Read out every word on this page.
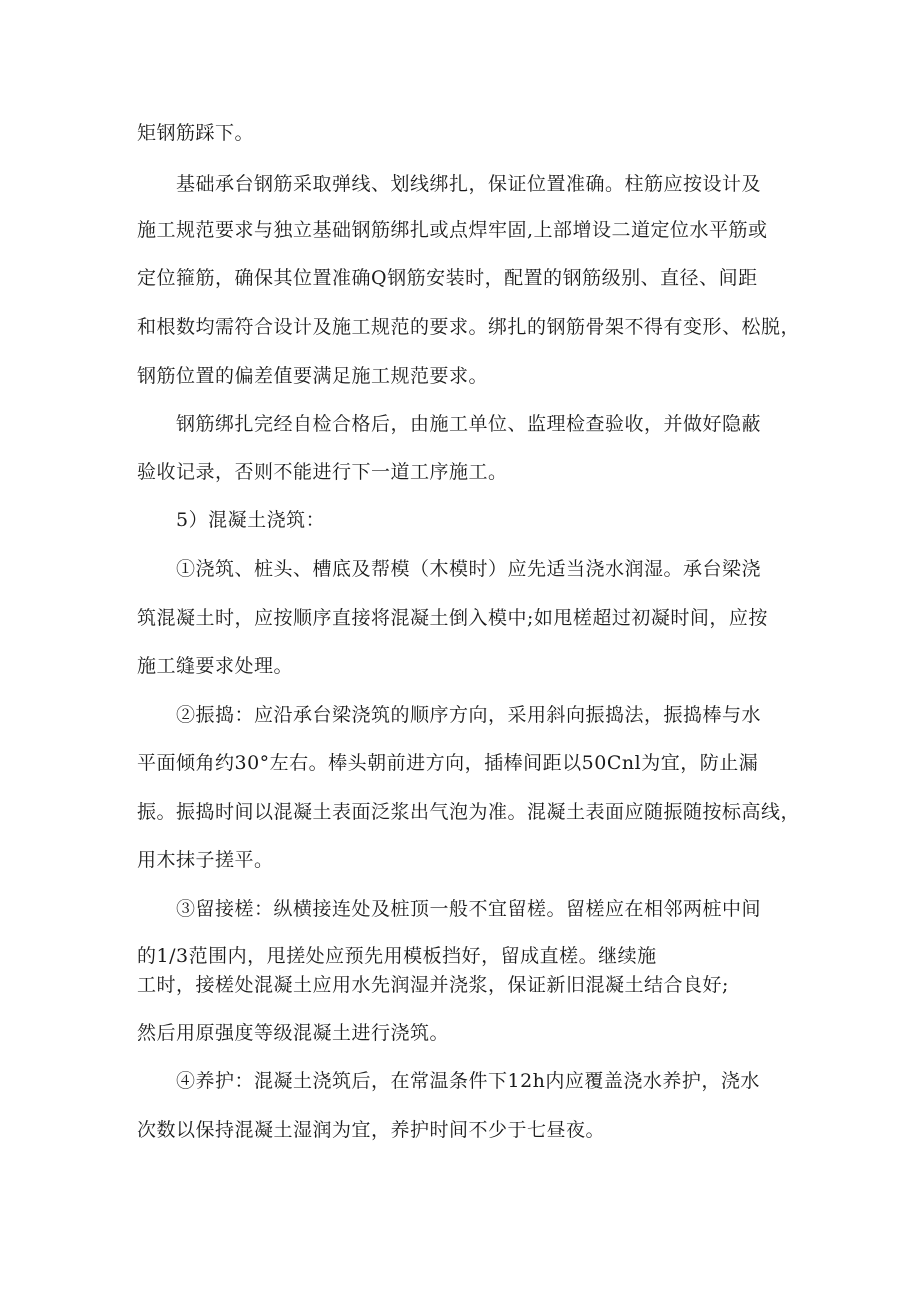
矩钢筋踩下。
基础承台钢筋采取弹线、划线绑扎，保证位置准确。柱筋应按设计及
施工规范要求与独立基础钢筋绑扎或点焊牢固,上部增设二道定位水平筋或
定位箍筋，确保其位置准确Q钢筋安装时，配置的钢筋级别、直径、间距
和根数均需符合设计及施工规范的要求。绑扎的钢筋骨架不得有变形、松脱，
钢筋位置的偏差值要满足施工规范要求。
钢筋绑扎完经自检合格后，由施工单位、监理检查验收，并做好隐蔽
验收记录，否则不能进行下一道工序施工。
5）混凝土浇筑：
①浇筑、桩头、槽底及帮模（木模时）应先适当浇水润湿。承台梁浇
筑混凝土时，应按顺序直接将混凝土倒入模中;如甩槎超过初凝时间，应按
施工缝要求处理。
②振捣：应沿承台梁浇筑的顺序方向，采用斜向振捣法，振捣棒与水
平面倾角约30°左右。棒头朝前进方向，插棒间距以50Cnl为宜，防止漏
振。振捣时间以混凝土表面泛浆出气泡为准。混凝土表面应随振随按标高线，
用木抹子搓平。
③留接槎：纵横接连处及桩顶一般不宜留槎。留槎应在相邻两桩中间
的1/3范围内，甩搓处应预先用模板挡好，留成直槎。继续施
工时，接槎处混凝土应用水先润湿并浇浆，保证新旧混凝土结合良好;
然后用原强度等级混凝土进行浇筑。
④养护：混凝土浇筑后，在常温条件下12h内应覆盖浇水养护，浇水
次数以保持混凝土湿润为宜，养护时间不少于七昼夜。
